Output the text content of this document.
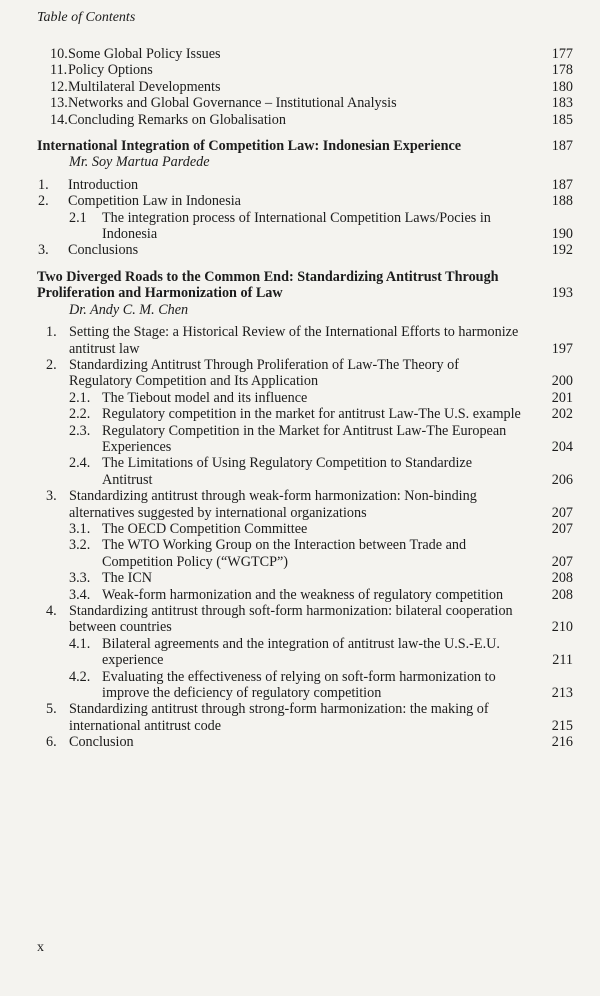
Table of Contents
10. Some Global Policy Issues	177
11. Policy Options	178
12. Multilateral Developments	180
13. Networks and Global Governance – Institutional Analysis	183
14. Concluding Remarks on Globalisation	185
International Integration of Competition Law: Indonesian Experience	187
Mr. Soy Martua Pardede
1.	Introduction	187
2.	Competition Law in Indonesia	188
2.1	The integration process of International Competition Laws/Pocies in Indonesia	190
3.	Conclusions	192
Two Diverged Roads to the Common End: Standardizing Antitrust Through Proliferation and Harmonization of Law	193
Dr. Andy C. M. Chen
1. Setting the Stage: a Historical Review of the International Efforts to harmonize antitrust law	197
2. Standardizing Antitrust Through Proliferation of Law-The Theory of Regulatory Competition and Its Application	200
2.1. The Tiebout model and its influence	201
2.2. Regulatory competition in the market for antitrust Law-The U.S. example	202
2.3. Regulatory Competition in the Market for Antitrust Law-The European Experiences	204
2.4. The Limitations of Using Regulatory Competition to Standardize Antitrust	206
3. Standardizing antitrust through weak-form harmonization: Non-binding alternatives suggested by international organizations	207
3.1. The OECD Competition Committee	207
3.2. The WTO Working Group on the Interaction between Trade and Competition Policy (“WGTCP”)	207
3.3. The ICN	208
3.4. Weak-form harmonization and the weakness of regulatory competition	208
4. Standardizing antitrust through soft-form harmonization: bilateral cooperation between countries	210
4.1. Bilateral agreements and the integration of antitrust law-the U.S.-E.U. experience	211
4.2. Evaluating the effectiveness of relying on soft-form harmonization to improve the deficiency of regulatory competition	213
5. Standardizing antitrust through strong-form harmonization: the making of international antitrust code	215
6. Conclusion	216
x
